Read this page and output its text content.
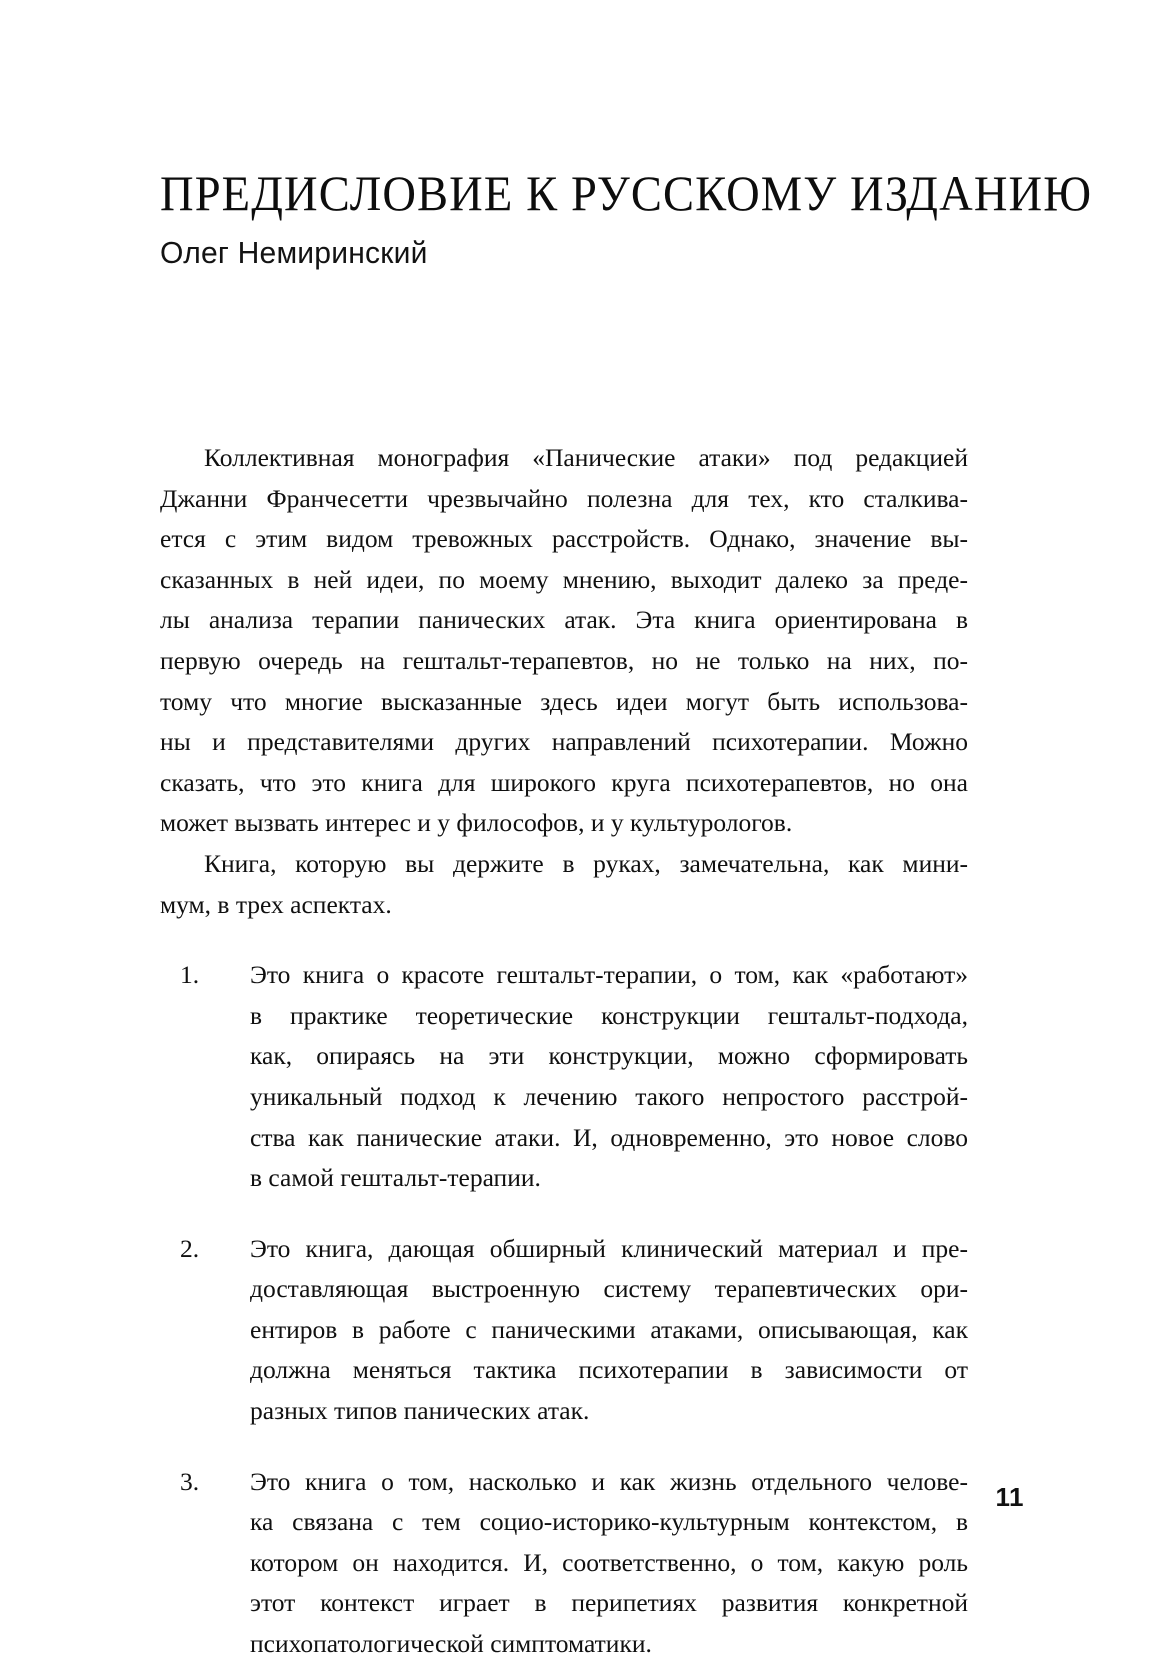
ПРЕДИСЛОВИЕ К РУССКОМУ ИЗДАНИЮ

Олег Немиринский

Коллективная монография «Панические атаки» под редакцией
Джанни Франчесетти чрезвычайно полезна для тех, кто сталкива-
ется с этим видом тревожных расстройств. Однако, значение вы-
сказанных в ней идеи, по моему мнению, выходит далеко за преде-
лы анализа терапии панических атак. Эта книга ориентирована в
первую очередь на гештальт-терапевтов, но не только на них, по-
тому что многие высказанные здесь идеи могут быть использова-
ны и представителями других направлений психотерапии. Можно
сказать, что это книга для широкого круга психотерапевтов, но она
может вызвать интерес и у философов, и у культурологов.

Книга, которую вы держите в руках, замечательна, как мини-
мум, в трех аспектах.

1.	Это книга о красоте гештальт-терапии, о том, как «работают»
в практике теоретические конструкции гештальт-подхода,
как, опираясь на эти конструкции, можно сформировать
уникальный подход к лечению такого непростого расстрой-
ства как панические атаки. И, одновременно, это новое слово
в самой гештальт-терапии.
2.	Это книга, дающая обширный клинический материал и пре-
доставляющая выстроенную систему терапевтических ори-
ентиров в работе с паническими атаками, описывающая, как
должна меняться тактика психотерапии в зависимости от
разных типов панических атак.
3.	Это книга о том, насколько и как жизнь отдельного челове-
ка связана с тем социо-историко-культурным контекстом, в
котором он находится. И, соответственно, о том, какую роль
этот контекст играет в перипетиях развития конкретной
психопатологической симптоматики.
11
